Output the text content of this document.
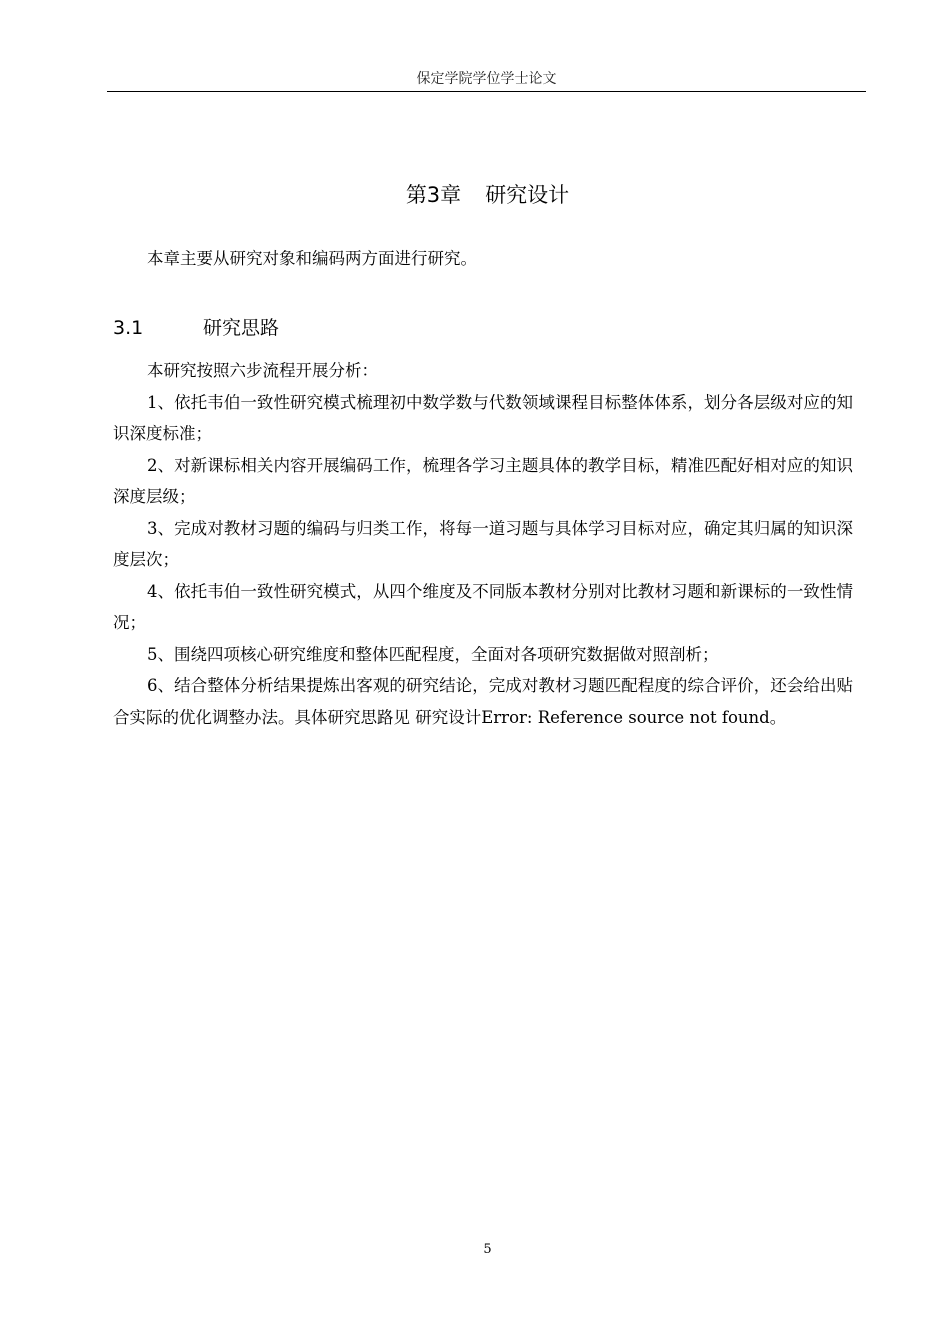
保定学院学位学士论文
第3章 研究设计
本章主要从研究对象和编码两方面进行研究。
3.1	研究思路

本研究按照六步流程开展分析：

1、依托韦伯一致性研究模式梳理初中数学数与代数领域课程目标整体体系，划分各层级对应的知识深度标准；

2、对新课标相关内容开展编码工作，梳理各学习主题具体的教学目标，精准匹配好相对应的知识深度层级；

3、完成对教材习题的编码与归类工作，将每一道习题与具体学习目标对应，确定其归属的知识深度层次；

4、依托韦伯一致性研究模式，从四个维度及不同版本教材分别对比教材习题和新课标的一致性情况；

5、围绕四项核心研究维度和整体匹配程度，全面对各项研究数据做对照剖析；

6、结合整体分析结果提炼出客观的研究结论，完成对教材习题匹配程度的综合评价，还会给出贴合实际的优化调整办法。具体研究思路见 研究设计Error: Reference source not found。

5
